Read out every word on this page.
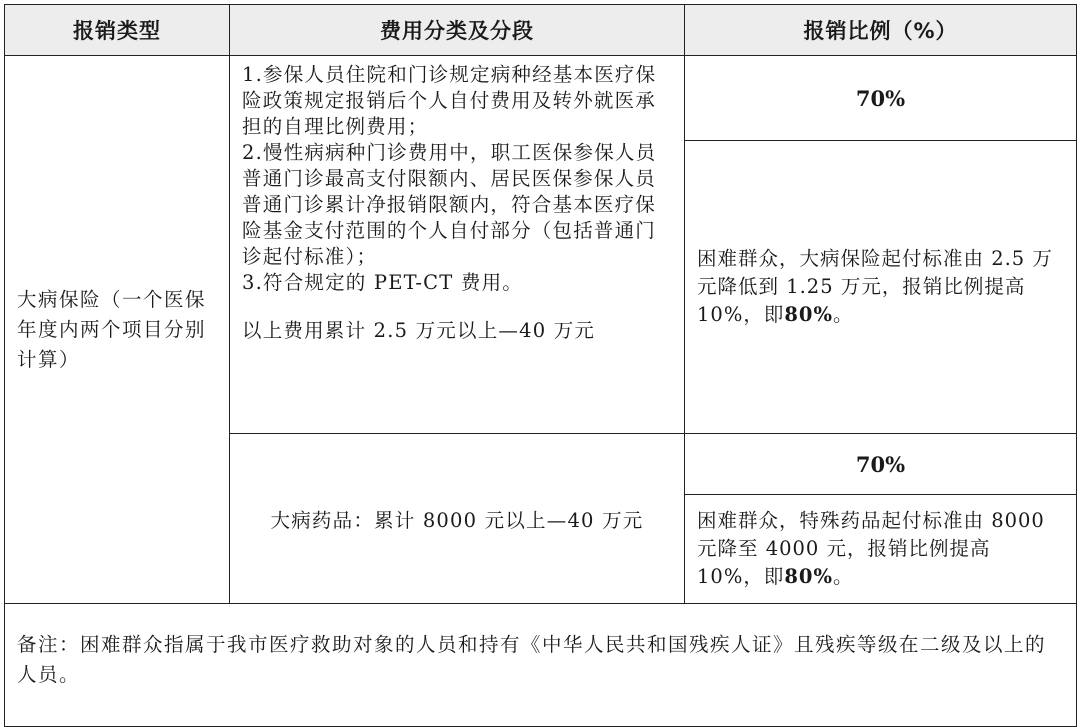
报销类型	费用分类及分段	报销比例（%）
大病保险（一个医保年度内两个项目分别计算）	1.参保人员住院和门诊规定病种经基本医疗保险政策规定报销后个人自付费用及转外就医承担的自理比例费用；

2.慢性病病种门诊费用中，职工医保参保人员普通门诊最高支付限额内、居民医保参保人员普通门诊累计净报销限额内，符合基本医疗保险基金支付范围的个人自付部分（包括普通门诊起付标准）；

3.符合规定的 PET-CT 费用。

以上费用累计 2.5 万元以上—40 万元	70%
		困难群众，大病保险起付标准由 2.5 万元降低到 1.25 万元，报销比例提高 10%，即80%。
	大病药品：累计 8000 元以上—40 万元	70%
		困难群众，特殊药品起付标准由 8000 元降至 4000 元，报销比例提高 10%，即80%。
备注：困难群众指属于我市医疗救助对象的人员和持有《中华人民共和国残疾人证》且残疾等级在二级及以上的人员。		
